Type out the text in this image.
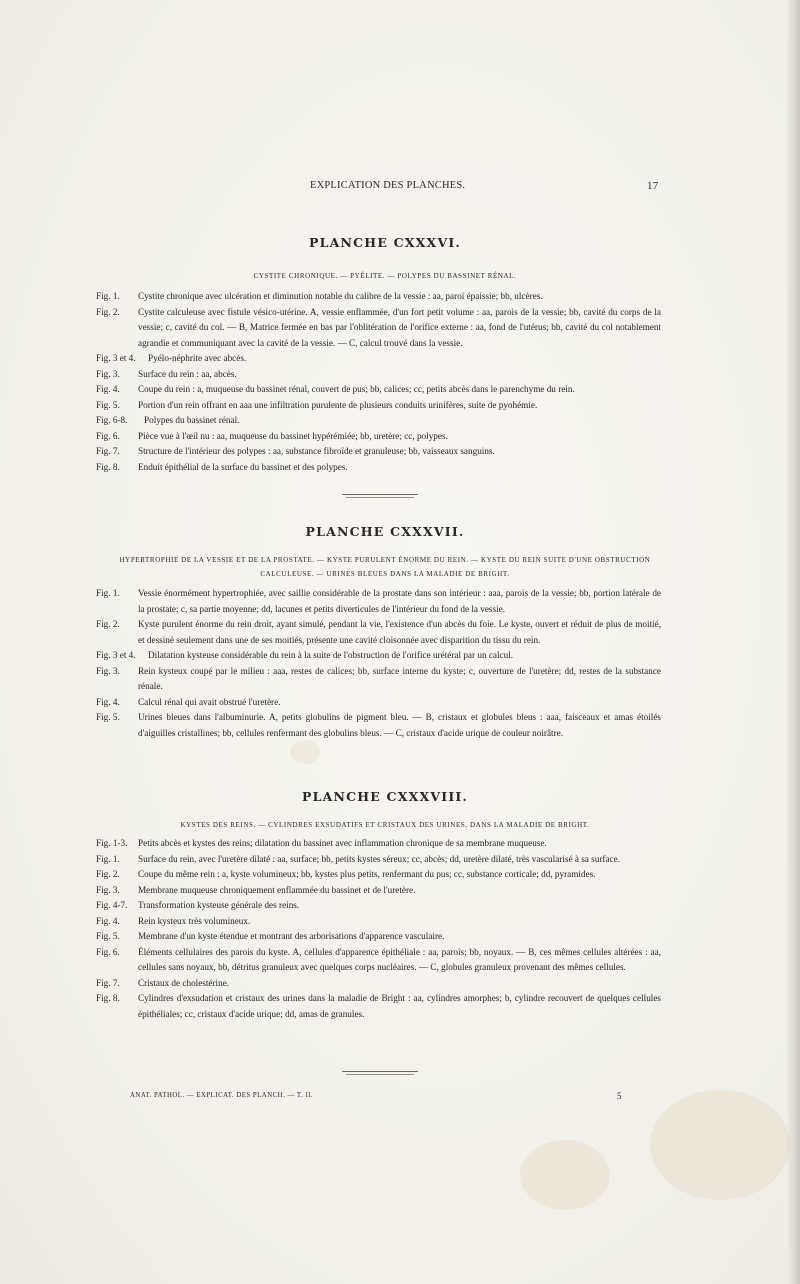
EXPLICATION DES PLANCHES.	17
PLANCHE CXXXVI.
CYSTITE CHRONIQUE. — PYÉLITE. — POLYPES DU BASSINET RÉNAL.
Fig. 1. Cystite chronique avec ulcération et diminution notable du calibre de la vessie : aa, paroi épaissie; bb, ulcères.
Fig. 2. Cystite calculeuse avec fistule vésico-utérine. A, vessie enflammée, d'un fort petit volume : aa, parois de la vessie; bb, cavité du corps de la vessie; c, cavité du col. — B, Matrice fermée en bas par l'oblitération de l'orifice externe : aa, fond de l'utérus; bb, cavité du col notablement agrandie et communiquant avec la cavité de la vessie. — C, calcul trouvé dans la vessie.
Fig. 3 et 4.	Pyélo-néphrite avec abcès.
Fig. 3. Surface du rein : aa, abcès.
Fig. 4. Coupe du rein : a, muqueuse du bassinet rénal, couvert de pus; bb, calices; cc, petits abcès dans le parenchyme du rein.
Fig. 5. Portion d'un rein offrant en aaa une infiltration purulente de plusieurs conduits urinifères, suite de pyohémie.
Fig. 6-8.	Polypes du bassinet rénal.
Fig. 6. Pièce vue à l'œil nu : aa, muqueuse du bassinet hypérémiée; bb, uretère; cc, polypes.
Fig. 7. Structure de l'intérieur des polypes : aa, substance fibroïde et granuleuse; bb, vaisseaux sanguins.
Fig. 8. Enduit épithélial de la surface du bassinet et des polypes.
PLANCHE CXXXVII.
HYPERTROPHIE DE LA VESSIE ET DE LA PROSTATE. — KYSTE PURULENT ÉNORME DU REIN. — KYSTE DU REIN SUITE D'UNE OBSTRUCTION CALCULEUSE. — URINES BLEUES DANS LA MALADIE DE BRIGHT.
Fig. 1. Vessie énormément hypertrophiée, avec saillie considérable de la prostate dans son intérieur : aaa, parois de la vessie; bb, portion latérale de la prostate; c, sa partie moyenne; dd, lacunes et petits diverticules de l'intérieur du fond de la vessie.
Fig. 2. Kyste purulent énorme du rein droit, ayant simulé, pendant la vie, l'existence d'un abcès du foie. Le kyste, ouvert et réduit de plus de moitié, et dessiné seulement dans une de ses moitiés, présente une cavité cloisonnée avec disparition du tissu du rein.
Fig. 3 et 4.	Dilatation kysteuse considérable du rein à la suite de l'obstruction de l'orifice urétéral par un calcul.
Fig. 3. Rein kysteux coupé par le milieu : aaa, restes de calices; bb, surface interne du kyste; c, ouverture de l'uretère; dd, restes de la substance rénale.
Fig. 4. Calcul rénal qui avait obstrué l'uretère.
Fig. 5. Urines bleues dans l'albuminurie. A, petits globulins de pigment bleu. — B, cristaux et globules bleus : aaa, faisceaux et amas étoilés d'aiguilles cristallines; bb, cellules renfermant des globulins bleus. — C, cristaux d'acide urique de couleur noirâtre.
PLANCHE CXXXVIII.
KYSTES DES REINS. — CYLINDRES EXSUDATIFS ET CRISTAUX DES URINES, DANS LA MALADIE DE BRIGHT.
Fig. 1-3. Petits abcès et kystes des reins; dilatation du bassinet avec inflammation chronique de sa membrane muqueuse.
Fig. 1. Surface du rein, avec l'uretère dilaté : aa, surface; bb, petits kystes séreux; cc, abcès; dd, uretère dilaté, très vascularisé à sa surface.
Fig. 2. Coupe du même rein : a, kyste volumineux; bb, kystes plus petits, renfermant du pus; cc, substance corticale; dd, pyramides.
Fig. 3. Membrane muqueuse chroniquement enflammée du bassinet et de l'uretère.
Fig. 4-7. Transformation kysteuse générale des reins.
Fig. 4. Rein kysteux très volumineux.
Fig. 5. Membrane d'un kyste étendue et montrant des arborisations d'apparence vasculaire.
Fig. 6. Éléments cellulaires des parois du kyste. A, cellules d'apparence épithéliale : aa, parois; bb, noyaux. — B, ces mêmes cellules altérées : aa, cellules sans noyaux, bb, détritus granuleux avec quelques corps nucléaires. — C, globules granuleux provenant des mêmes cellules.
Fig. 7. Cristaux de cholestérine.
Fig. 8. Cylindres d'exsudation et cristaux des urines dans la maladie de Bright : aa, cylindres amorphes; b, cylindre recouvert de quelques cellules épithéliales; cc, cristaux d'acide urique; dd, amas de granules.
ANAT. PATHOL. — EXPLICAT. DES PLANCH. — T. II.	5
